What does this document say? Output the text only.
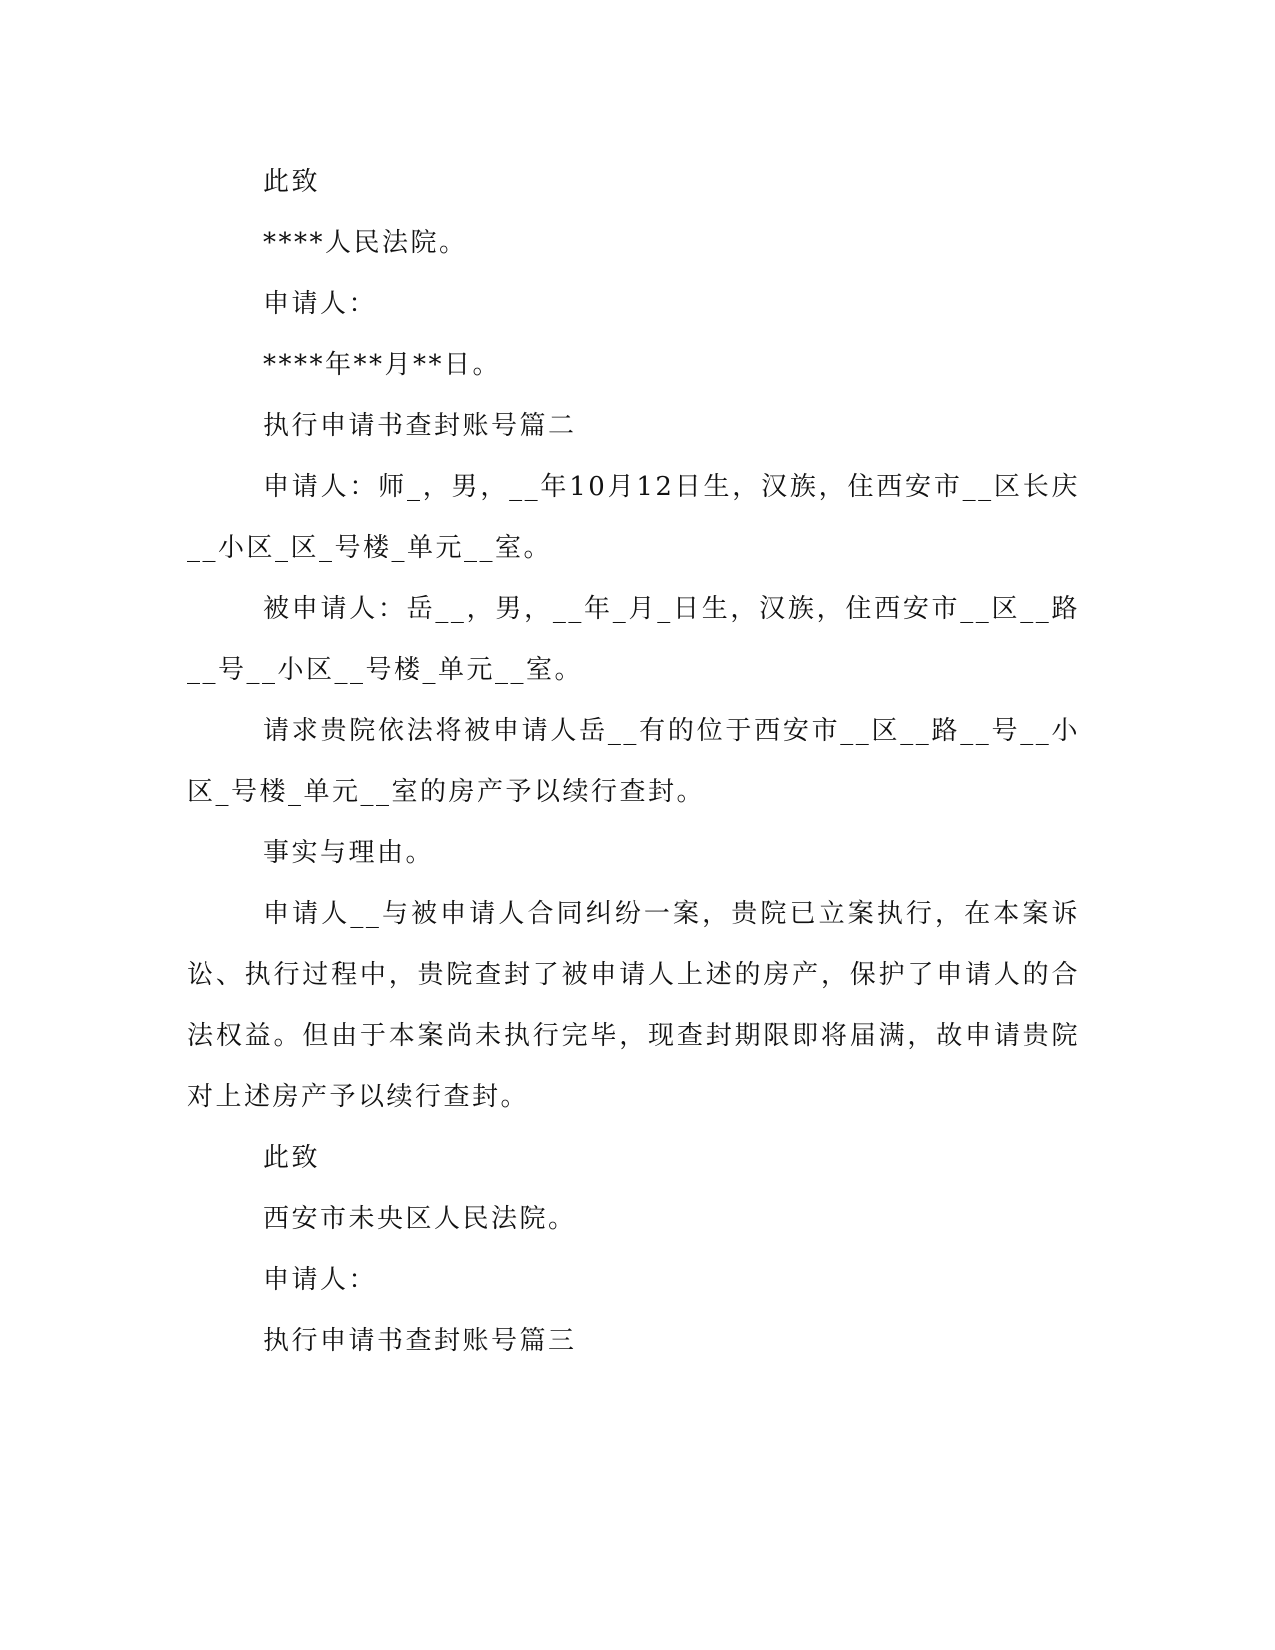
此致

****人民法院。

申请人：

****年**月**日。

执行申请书查封账号篇二

申请人：师_，男，__年10月12日生，汉族，住西安市__区长庆__小区_区_号楼_单元__室。

被申请人：岳__，男，__年_月_日生，汉族，住西安市__区__路__号__小区__号楼_单元__室。

请求贵院依法将被申请人岳__有的位于西安市__区__路__号__小区_号楼_单元__室的房产予以续行查封。

事实与理由。

申请人__与被申请人合同纠纷一案，贵院已立案执行，在本案诉讼、执行过程中，贵院查封了被申请人上述的房产，保护了申请人的合法权益。但由于本案尚未执行完毕，现查封期限即将届满，故申请贵院对上述房产予以续行查封。

此致

西安市未央区人民法院。

申请人：

执行申请书查封账号篇三
